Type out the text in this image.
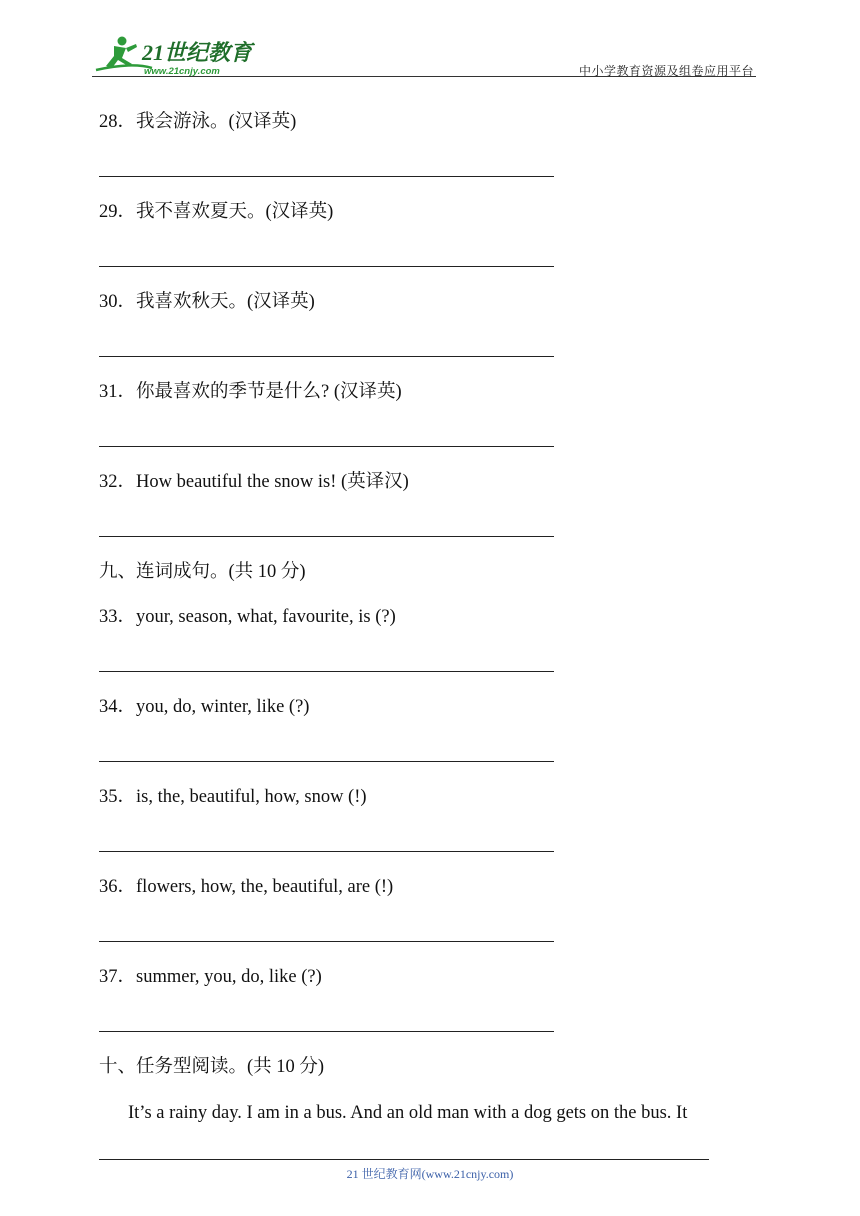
21世纪教育
www.21cnjy.com	中小学教育资源及组卷应用平台
28．我会游泳。(汉译英)
29．我不喜欢夏天。(汉译英)
30．我喜欢秋天。(汉译英)
31．你最喜欢的季节是什么? (汉译英)
32．How beautiful the snow is! (英译汉)
九、连词成句。(共 10 分)
33．your, season, what, favourite, is (?)
34．you, do, winter, like (?)
35．is, the, beautiful, how, snow (!)
36．flowers, how, the, beautiful, are (!)
37．summer, you, do, like (?)
十、任务型阅读。(共 10 分)
It’s a rainy day. I am in a bus. And an old man with a dog gets on the bus. It
21 世纪教育网(www.21cnjy.com)
